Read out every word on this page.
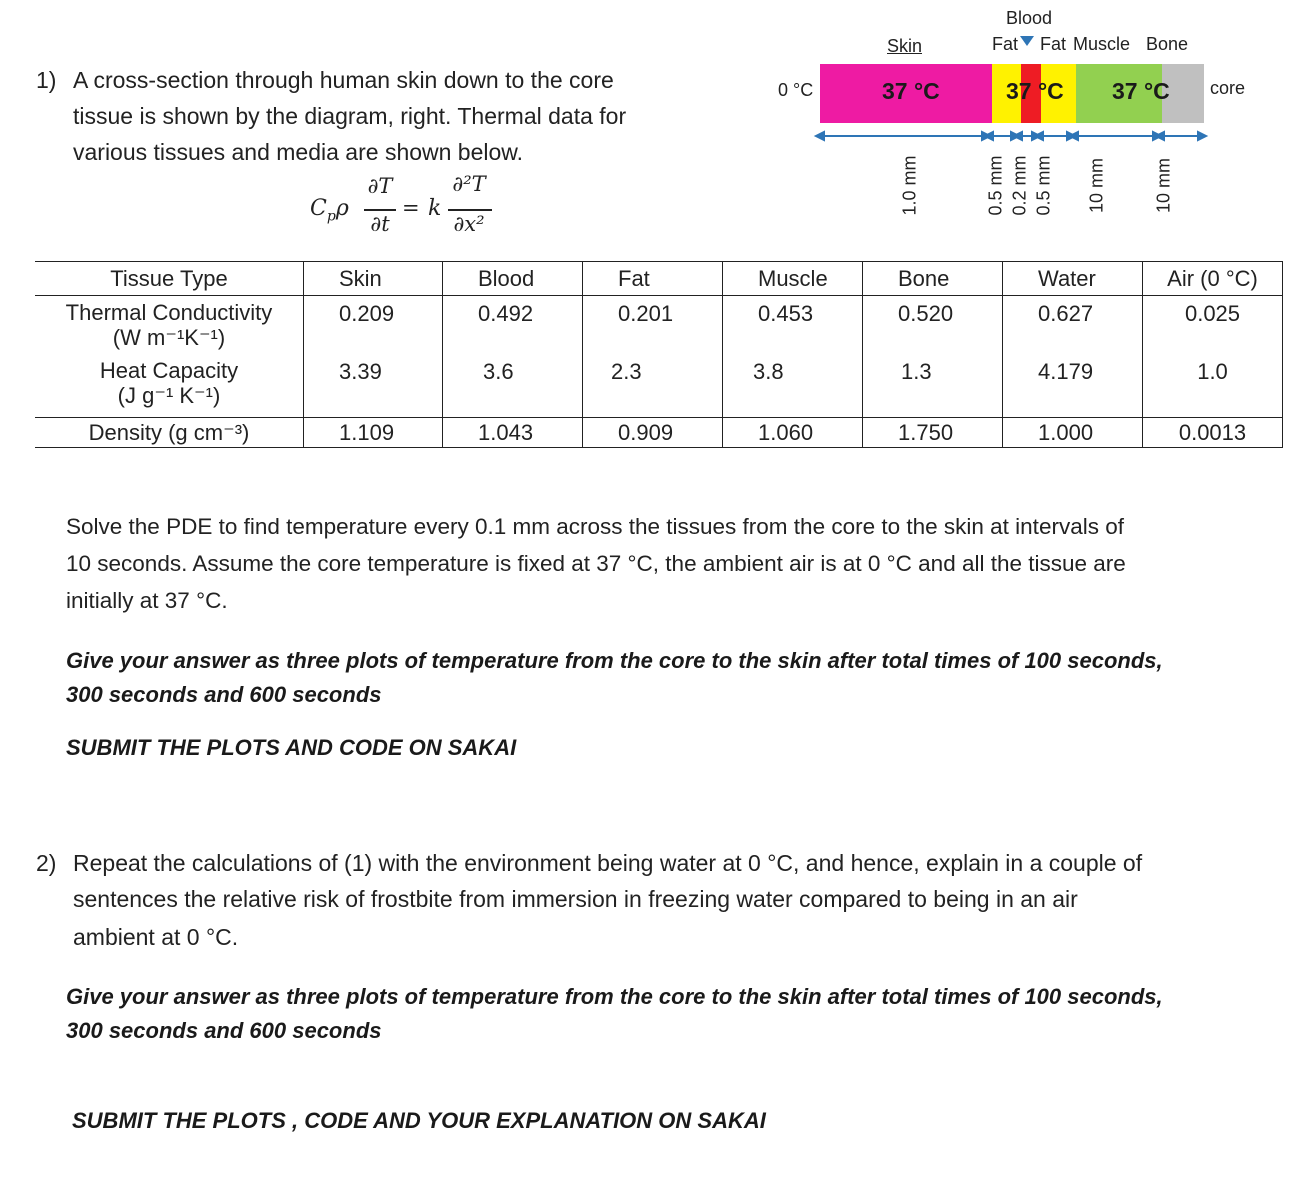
1) A cross-section through human skin down to the core
tissue is shown by the diagram, right. Thermal data for
various tissues and media are shown below.
$C_p\rho$
∂T
∂t
= k
∂²T
∂x²
Blood
Skin	Fat Fat Muscle Bone
0 °C	37 °C	37 °C 37 °C core
1.0 mm	0.5 mm 0.2 mm 0.5 mm 10 mm	10 mm
Tissue Type	Skin	Blood	Fat	Muscle	Bone	Water	Air (0 °C)
Thermal Conductivity
(W m⁻¹K⁻¹)	0.209	0.492	0.201	0.453	0.520	0.627	0.025
Heat Capacity
(J g⁻¹ K⁻¹)	3.39	3.6	2.3	3.8	1.3	4.179	1.0
Density (g cm⁻³)	1.109	1.043	0.909	1.060	1.750	1.000	0.0013
Solve the PDE to find temperature every 0.1 mm across the tissues from the core to the skin at intervals of
10 seconds. Assume the core temperature is fixed at 37 °C, the ambient air is at 0 °C and all the tissue are
initially at 37 °C.
Give your answer as three plots of temperature from the core to the skin after total times of 100 seconds,
300 seconds and 600 seconds
SUBMIT THE PLOTS AND CODE ON SAKAI
2) Repeat the calculations of (1) with the environment being water at 0 °C, and hence, explain in a couple of
sentences the relative risk of frostbite from immersion in freezing water compared to being in an air
ambient at 0 °C.
Give your answer as three plots of temperature from the core to the skin after total times of 100 seconds,
300 seconds and 600 seconds
SUBMIT THE PLOTS , CODE AND YOUR EXPLANATION ON SAKAI
